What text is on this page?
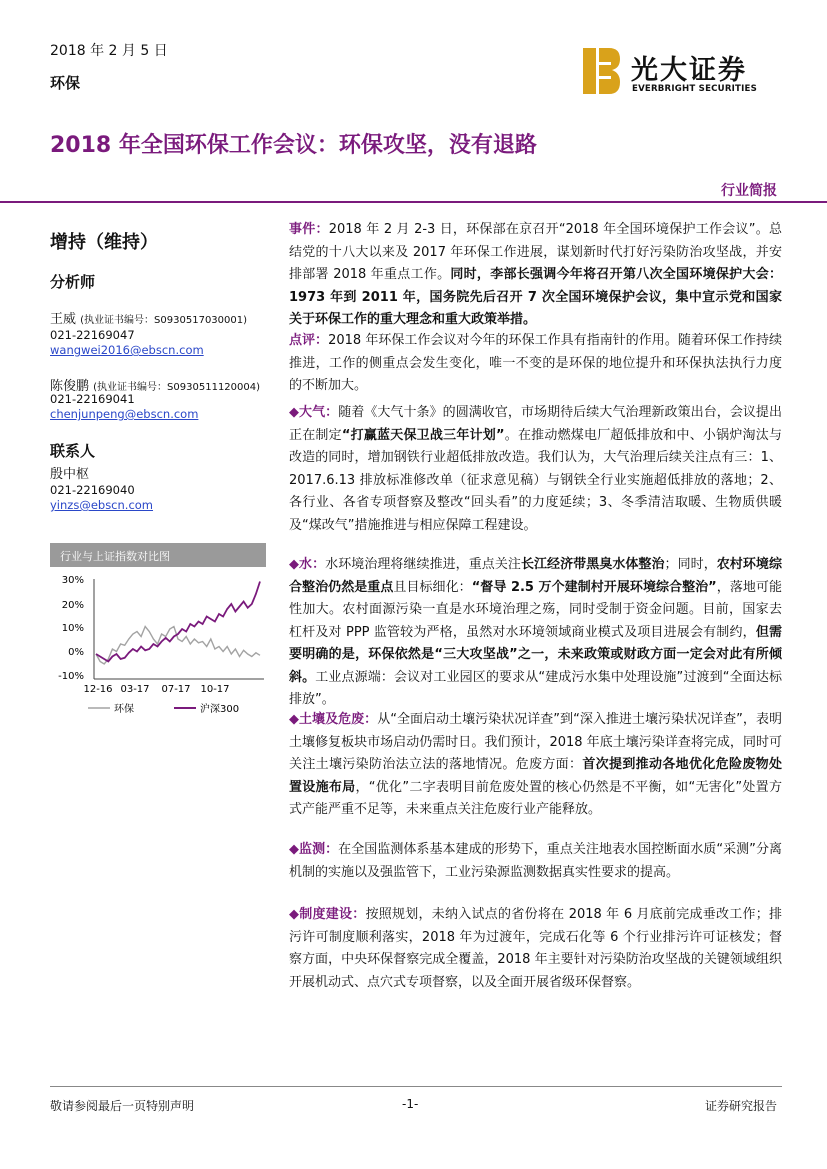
2018 年 2 月 5 日
环保	光大证券
EVERBRIGHT SECURITIES
2018 年全国环保工作会议：环保攻坚，没有退路
行业简报
增持（维持）
分析师
王威 (执业证书编号：S0930517030001)
021-22169047
wangwei2016@ebscn.com
陈俊鹏 (执业证书编号：S0930511120004)
021-22169041
chenjunpeng@ebscn.com
联系人
殷中枢
021-22169040
yinzs@ebscn.com
行业与上证指数对比图
30%
20%
10%
0%
-10%
12-16 03-17 07-17 10-17
环保	沪深300

事件：2018 年 2 月 2-3 日，环保部在京召开“2018 年全国环境保护工作会议”。总结党的十八大以来及 2017 年环保工作进展，谋划新时代打好污染防治攻坚战，并安排部署 2018 年重点工作。同时，李部长强调今年将召开第八次全国环境保护大会：1973 年到 2011 年，国务院先后召开 7 次全国环境保护会议，集中宣示党和国家关于环保工作的重大理念和重大政策举措。

点评：2018 年环保工作会议对今年的环保工作具有指南针的作用。随着环保工作持续推进，工作的侧重点会发生变化，唯一不变的是环保的地位提升和环保执法执行力度的不断加大。

◆大气：随着《大气十条》的圆满收官，市场期待后续大气治理新政策出台，会议提出正在制定“打赢蓝天保卫战三年计划”。在推动燃煤电厂超低排放和中、小锅炉淘汰与改造的同时，增加钢铁行业超低排放改造。我们认为，大气治理后续关注点有三：1、2017.6.13 排放标准修改单（征求意见稿）与钢铁全行业实施超低排放的落地；2、各行业、各省专项督察及整改“回头看”的力度延续；3、冬季清洁取暖、生物质供暖及“煤改气”措施推进与相应保障工程建设。

◆水：水环境治理将继续推进，重点关注长江经济带黑臭水体整治；同时，农村环境综合整治仍然是重点且目标细化：“督导 2.5 万个建制村开展环境综合整治”，落地可能性加大。农村面源污染一直是水环境治理之殇，同时受制于资金问题。目前，国家去杠杆及对 PPP 监管较为严格，虽然对水环境领域商业模式及项目进展会有制约，但需要明确的是，环保依然是“三大攻坚战”之一，未来政策或财政方面一定会对此有所倾斜。工业点源端：会议对工业园区的要求从“建成污水集中处理设施”过渡到“全面达标排放”。

◆土壤及危废：从“全面启动土壤污染状况详查”到“深入推进土壤污染状况详查”，表明土壤修复板块市场启动仍需时日。我们预计，2018 年底土壤污染详查将完成，同时可关注土壤污染防治法立法的落地情况。危废方面：首次提到推动各地优化危险废物处置设施布局，“优化”二字表明目前危废处置的核心仍然是不平衡，如“无害化”处置方式产能严重不足等，未来重点关注危废行业产能释放。

◆监测：在全国监测体系基本建成的形势下，重点关注地表水国控断面水质“采测”分离机制的实施以及强监管下，工业污染源监测数据真实性要求的提高。

◆制度建设：按照规划，未纳入试点的省份将在 2018 年 6 月底前完成垂改工作；排污许可制度顺利落实，2018 年为过渡年，完成石化等 6 个行业排污许可证核发；督察方面，中央环保督察完成全覆盖，2018 年主要针对污染防治攻坚战的关键领域组织开展机动式、点穴式专项督察，以及全面开展省级环保督察。

敬请参阅最后一页特别声明	-1-	证券研究报告
